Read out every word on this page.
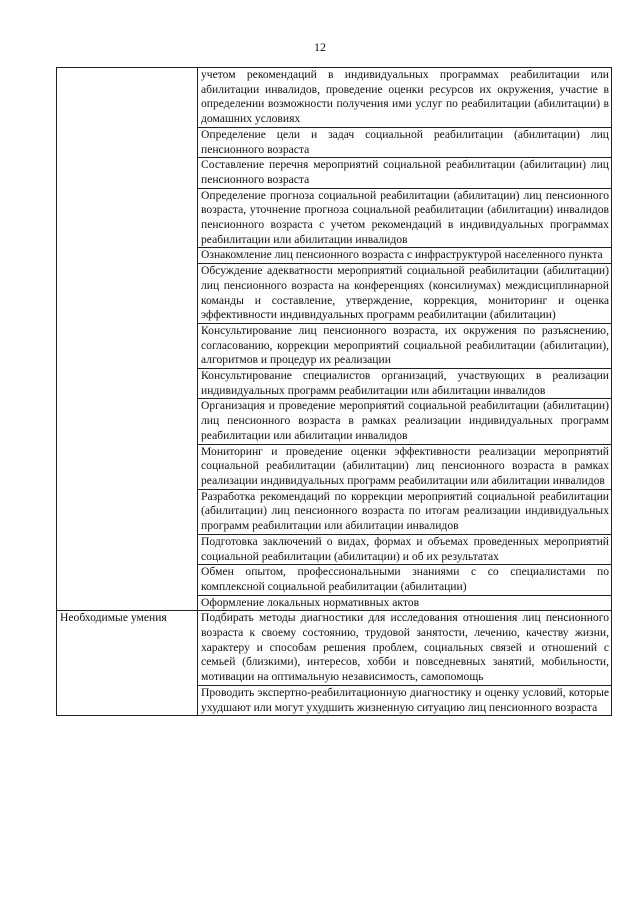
12
	учетом рекомендаций в индивидуальных программах реабилитации или абилитации инвалидов, проведение оценки ресурсов их окружения, участие в определении возможности получения ими услуг по реабилитации (абилитации) в домашних условиях
	Определение цели и задач социальной реабилитации (абилитации) лиц пенсионного возраста
	Составление перечня мероприятий социальной реабилитации (абилитации) лиц пенсионного возраста
	Определение прогноза социальной реабилитации (абилитации) лиц пенсионного возраста, уточнение прогноза социальной реабилитации (абилитации) инвалидов пенсионного возраста с учетом рекомендаций в индивидуальных программах реабилитации или абилитации инвалидов
	Ознакомление лиц пенсионного возраста с инфраструктурой населенного пункта
	Обсуждение адекватности мероприятий социальной реабилитации (абилитации) лиц пенсионного возраста на конференциях (консилиумах) междисциплинарной команды и составление, утверждение, коррекция, мониторинг и оценка эффективности индивидуальных программ реабилитации (абилитации)
	Консультирование лиц пенсионного возраста, их окружения по разъяснению, согласованию, коррекции мероприятий социальной реабилитации (абилитации), алгоритмов и процедур их реализации
	Консультирование специалистов организаций, участвующих в реализации индивидуальных программ реабилитации или абилитации инвалидов
	Организация и проведение мероприятий социальной реабилитации (абилитации) лиц пенсионного возраста в рамках реализации индивидуальных программ реабилитации или абилитации инвалидов
	Мониторинг и проведение оценки эффективности реализации мероприятий социальной реабилитации (абилитации) лиц пенсионного возраста в рамках реализации индивидуальных программ реабилитации или абилитации инвалидов
	Разработка рекомендаций по коррекции мероприятий социальной реабилитации (абилитации) лиц пенсионного возраста по итогам реализации индивидуальных программ реабилитации или абилитации инвалидов
	Подготовка заключений о видах, формах и объемах проведенных мероприятий социальной реабилитации (абилитации) и об их результатах
	Обмен опытом, профессиональными знаниями с со специалистами по комплексной социальной реабилитации (абилитации)
	Оформление локальных нормативных актов
Необходимые умения	Подбирать методы диагностики для исследования отношения лиц пенсионного возраста к своему состоянию, трудовой занятости, лечению, качеству жизни, характеру и способам решения проблем, социальных связей и отношений с семьей (близкими), интересов, хобби и повседневных занятий, мобильности, мотивации на оптимальную независимость, самопомощь
	Проводить экспертно-реабилитационную диагностику и оценку условий, которые ухудшают или могут ухудшить жизненную ситуацию лиц пенсионного возраста
